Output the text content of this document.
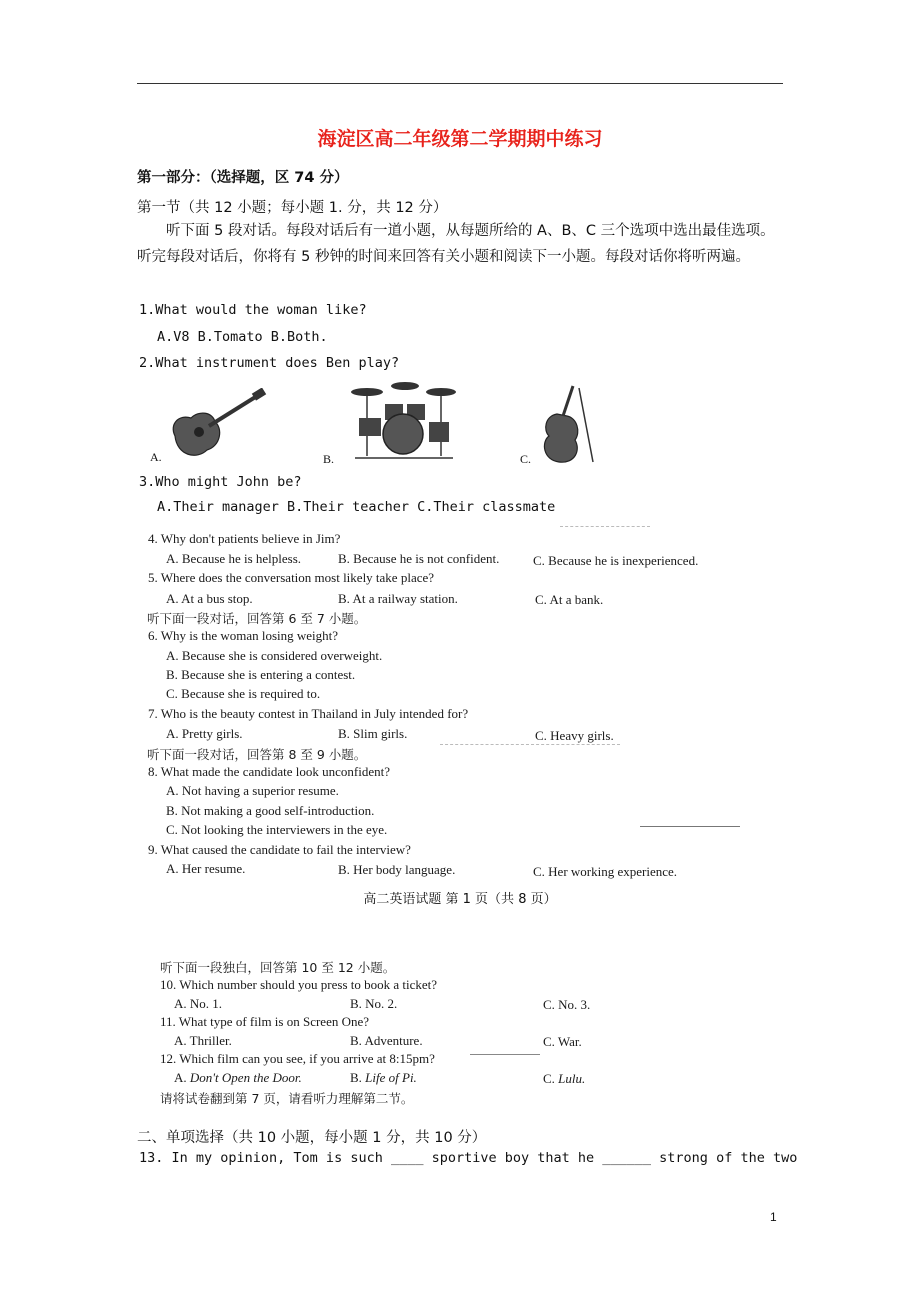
海淀区高二年级第二学期期中练习
第一部分：（选择题，区 74 分）
第一节（共 12 小题；每小题 1. 分，共 12 分）
听下面 5 段对话。每段对话后有一道小题，从每题所给的 A、B、C 三个选项中选出最佳选项。听完每段对话后，你将有 5 秒钟的时间来回答有关小题和阅读下一小题。每段对话你将听两遍。
1.What would the woman like?
A.V8 B.Tomato B.Both.
2.What instrument does Ben play?
A.	B.	C.
3.Who might John be?
A.Their manager B.Their teacher C.Their classmate
4. Why don't patients believe in Jim?
A. Because he is helpless.	B. Because he is not confident.	C. Because he is inexperienced.
5. Where does the conversation most likely take place?
A. At a bus stop.	B. At a railway station.	C. At a bank.
听下面一段对话，回答第 6 至 7 小题。
6. Why is the woman losing weight?
A. Because she is considered overweight.
B. Because she is entering a contest.
C. Because she is required to.
7. Who is the beauty contest in Thailand in July intended for?
A. Pretty girls.	B. Slim girls.	C. Heavy girls.
听下面一段对话，回答第 8 至 9 小题。
8. What made the candidate look unconfident?
A. Not having a superior resume.
B. Not making a good self-introduction.
C. Not looking the interviewers in the eye.
9. What caused the candidate to fail the interview?
A. Her resume.	B. Her body language.	C. Her working experience.
高二英语试题 第 1 页（共 8 页）
听下面一段独白，回答第 10 至 12 小题。
10. Which number should you press to book a ticket?
A. No. 1.	B. No. 2.	C. No. 3.
11. What type of film is on Screen One?
A. Thriller.	B. Adventure.	C. War.
12. Which film can you see, if you arrive at 8:15pm?
A. Don't Open the Door.	B. Life of Pi.	C. Lulu.
请将试卷翻到第 7 页，请看听力理解第二节。
二、单项选择（共 10 小题，每小题 1 分，共 10 分）
13. In my opinion, Tom is such ____ sportive boy that he ______ strong of the two
1
